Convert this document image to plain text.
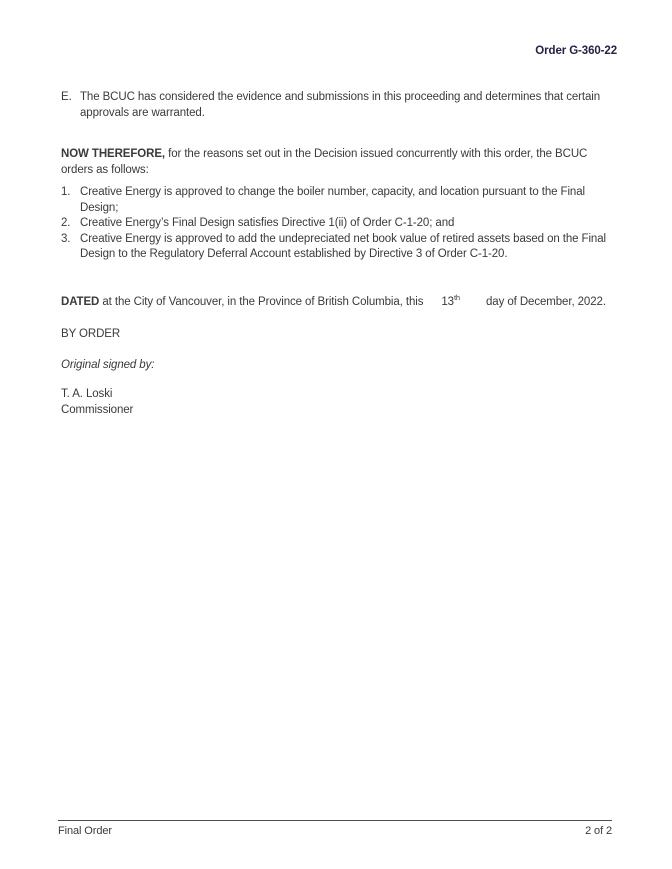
Order G-360-22
E. The BCUC has considered the evidence and submissions in this proceeding and determines that certain approvals are warranted.
NOW THEREFORE, for the reasons set out in the Decision issued concurrently with this order, the BCUC orders as follows:
1. Creative Energy is approved to change the boiler number, capacity, and location pursuant to the Final Design;
2. Creative Energy’s Final Design satisfies Directive 1(ii) of Order C-1-20; and
3. Creative Energy is approved to add the undepreciated net book value of retired assets based on the Final Design to the Regulatory Deferral Account established by Directive 3 of Order C-1-20.
DATED at the City of Vancouver, in the Province of British Columbia, this 13th day of December, 2022.
BY ORDER
Original signed by:
T. A. Loski
Commissioner
Final Order	2 of 2
